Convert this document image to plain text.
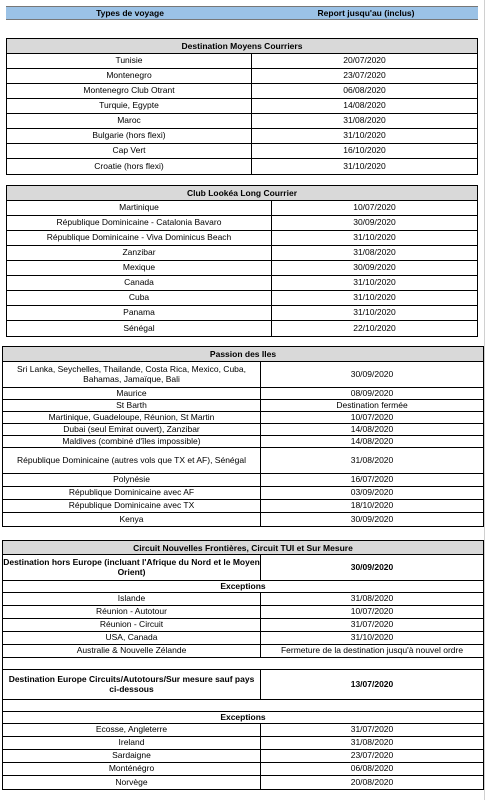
Types de voyage	Report jusqu'au (inclus)
Destination Moyens Courriers
Tunisie	20/07/2020
Montenegro	23/07/2020
Montenegro Club Otrant	06/08/2020
Turquie, Egypte	14/08/2020
Maroc	31/08/2020
Bulgarie (hors flexi)	31/10/2020
Cap Vert	16/10/2020
Croatie (hors flexi)	31/10/2020
Club Lookéa Long Courrier
Martinique	10/07/2020
République Dominicaine - Catalonia Bavaro	30/09/2020
République Dominicaine - Viva Dominicus Beach	31/10/2020
Zanzibar	31/08/2020
Mexique	30/09/2020
Canada	31/10/2020
Cuba	31/10/2020
Panama	31/10/2020
Sénégal	22/10/2020
Passion des Iles
Sri Lanka, Seychelles, Thailande, Costa Rica, Mexico, Cuba, Bahamas, Jamaïque, Bali	30/09/2020
Maurice	08/09/2020
St Barth	Destination fermée
Martinique, Guadeloupe, Réunion, St Martin	10/07/2020
Dubai (seul Emirat ouvert), Zanzibar	14/08/2020
Maldives (combiné d'îles impossible)	14/08/2020
République Dominicaine (autres vols que TX et AF), Sénégal	31/08/2020
Polynésie	16/07/2020
République Dominicaine avec AF	03/09/2020
République Dominicaine avec TX	18/10/2020
Kenya	30/09/2020
Circuit Nouvelles Frontières, Circuit TUI et Sur Mesure
Destination hors Europe (incluant l'Afrique du Nord et le Moyen Orient)	30/09/2020
Exceptions
Islande	31/08/2020
Réunion - Autotour	10/07/2020
Réunion - Circuit	31/07/2020
USA, Canada	31/10/2020
Australie & Nouvelle Zélande	Fermeture de la destination jusqu'à nouvel ordre
Destination Europe Circuits/Autotours/Sur mesure sauf pays ci-dessous	13/07/2020
Exceptions
Ecosse, Angleterre	31/07/2020
Ireland	31/08/2020
Sardaigne	23/07/2020
Monténégro	06/08/2020
Norvège	20/08/2020
